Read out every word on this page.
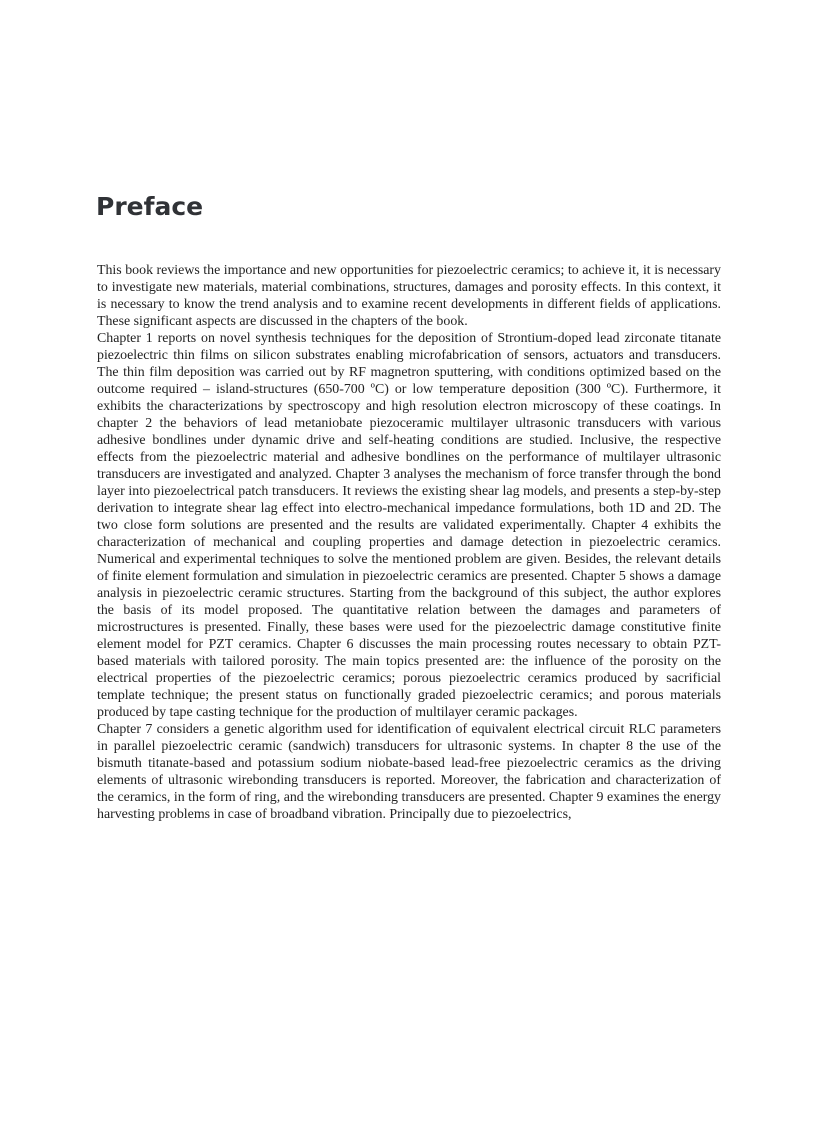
Preface

This book reviews the importance and new opportunities for piezoelectric ceramics; to achieve it, it is necessary to investigate new materials, material combinations, structures, damages and porosity effects. In this context, it is necessary to know the trend analysis and to examine recent developments in different fields of applications. These significant aspects are discussed in the chapters of the book.

Chapter 1 reports on novel synthesis techniques for the deposition of Strontium-doped lead zirconate titanate piezoelectric thin films on silicon substrates enabling microfabrication of sensors, actuators and transducers. The thin film deposition was carried out by RF magnetron sputtering, with conditions optimized based on the outcome required – island-structures (650-700 ºC) or low temperature deposition (300 ºC). Furthermore, it exhibits the characterizations by spectroscopy and high resolution electron microscopy of these coatings. In chapter 2 the behaviors of lead metaniobate piezoceramic multilayer ultrasonic transducers with various adhesive bondlines under dynamic drive and self-heating conditions are studied. Inclusive, the respective effects from the piezoelectric material and adhesive bondlines on the performance of multilayer ultrasonic transducers are investigated and analyzed. Chapter 3 analyses the mechanism of force transfer through the bond layer into piezoelectrical patch transducers. It reviews the existing shear lag models, and presents a step-by-step derivation to integrate shear lag effect into electro-mechanical impedance formulations, both 1D and 2D. The two close form solutions are presented and the results are validated experimentally. Chapter 4 exhibits the characterization of mechanical and coupling properties and damage detection in piezoelectric ceramics. Numerical and experimental techniques to solve the mentioned problem are given. Besides, the relevant details of finite element formulation and simulation in piezoelectric ceramics are presented. Chapter 5 shows a damage analysis in piezoelectric ceramic structures. Starting from the background of this subject, the author explores the basis of its model proposed. The quantitative relation between the damages and parameters of microstructures is presented. Finally, these bases were used for the piezoelectric damage constitutive finite element model for PZT ceramics. Chapter 6 discusses the main processing routes necessary to obtain PZT-based materials with tailored porosity. The main topics presented are: the influence of the porosity on the electrical properties of the piezoelectric ceramics; porous piezoelectric ceramics produced by sacrificial template technique; the present status on functionally graded piezoelectric ceramics; and porous materials produced by tape casting technique for the production of multilayer ceramic packages.

Chapter 7 considers a genetic algorithm used for identification of equivalent electrical circuit RLC parameters in parallel piezoelectric ceramic (sandwich) transducers for ultrasonic systems. In chapter 8 the use of the bismuth titanate-based and potassium sodium niobate-based lead-free piezoelectric ceramics as the driving elements of ultrasonic wirebonding transducers is reported. Moreover, the fabrication and characterization of the ceramics, in the form of ring, and the wirebonding transducers are presented. Chapter 9 examines the energy harvesting problems in case of broadband vibration. Principally due to piezoelectrics,
